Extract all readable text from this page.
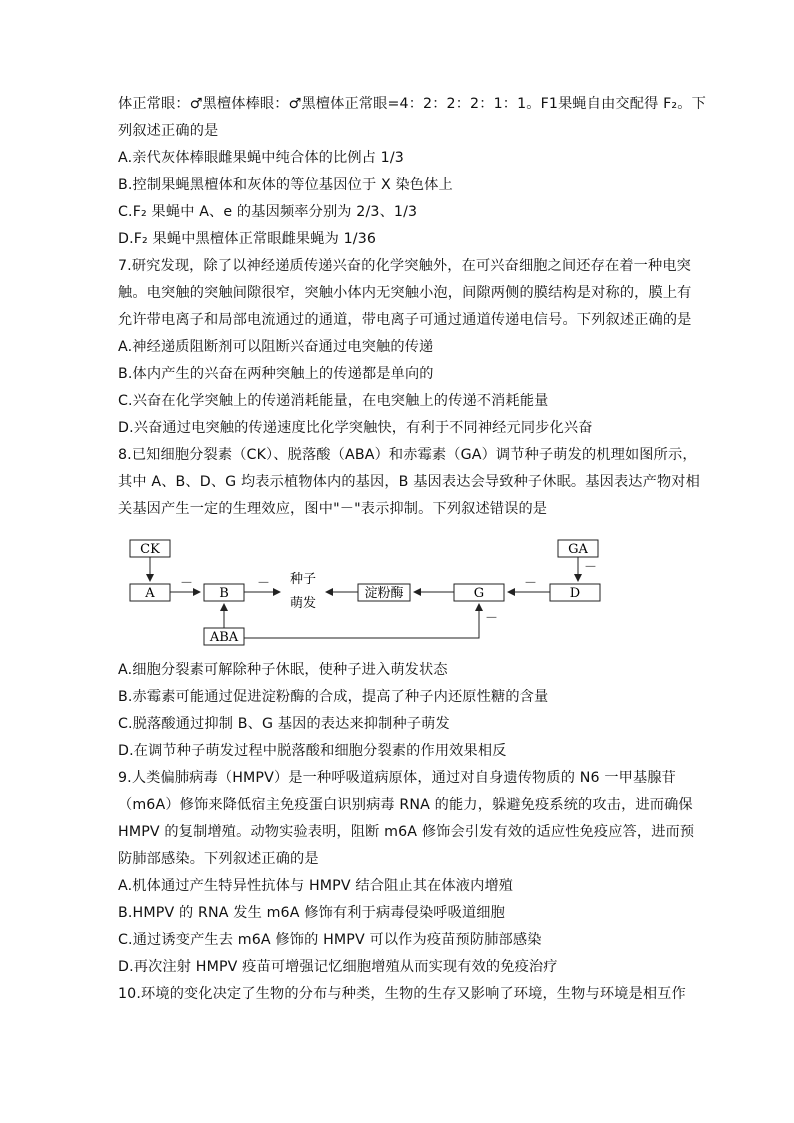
体正常眼：♂黑檀体棒眼：♂黑檀体正常眼=4：2：2：2：1：1。F1果蝇自由交配得 F₂。下
列叙述正确的是
A.亲代灰体棒眼雌果蝇中纯合体的比例占 1/3
B.控制果蝇黑檀体和灰体的等位基因位于 X 染色体上
C.F₂ 果蝇中 A、e 的基因频率分别为 2/3、1/3
D.F₂ 果蝇中黑檀体正常眼雌果蝇为 1/36
7.研究发现，除了以神经递质传递兴奋的化学突触外，在可兴奋细胞之间还存在着一种电突
触。电突触的突触间隙很窄，突触小体内无突触小泡，间隙两侧的膜结构是对称的，膜上有
允许带电离子和局部电流通过的通道，带电离子可通过通道传递电信号。下列叙述正确的是
A.神经递质阻断剂可以阻断兴奋通过电突触的传递
B.体内产生的兴奋在两种突触上的传递都是单向的
C.兴奋在化学突触上的传递消耗能量，在电突触上的传递不消耗能量
D.兴奋通过电突触的传递速度比化学突触快，有利于不同神经元同步化兴奋
8.已知细胞分裂素（CK）、脱落酸（ABA）和赤霉素（GA）调节种子萌发的机理如图所示，
其中 A、B、D、G 均表示植物体内的基因，B 基因表达会导致种子休眠。基因表达产物对相
关基因产生一定的生理效应，图中"－"表示抑制。下列叙述错误的是
CK
A
－
B
－ 种子
萌发
淀粉酶	G
－
D
GA
－
ABA
－
A.细胞分裂素可解除种子休眠，使种子进入萌发状态
B.赤霉素可能通过促进淀粉酶的合成，提高了种子内还原性糖的含量
C.脱落酸通过抑制 B、G 基因的表达来抑制种子萌发
D.在调节种子萌发过程中脱落酸和细胞分裂素的作用效果相反
9.人类偏肺病毒（HMPV）是一种呼吸道病原体，通过对自身遗传物质的 N6 一甲基腺苷
（m6A）修饰来降低宿主免疫蛋白识别病毒 RNA 的能力，躲避免疫系统的攻击，进而确保
HMPV 的复制增殖。动物实验表明，阻断 m6A 修饰会引发有效的适应性免疫应答，进而预
防肺部感染。下列叙述正确的是
A.机体通过产生特异性抗体与 HMPV 结合阻止其在体液内增殖
B.HMPV 的 RNA 发生 m6A 修饰有利于病毒侵染呼吸道细胞
C.通过诱变产生去 m6A 修饰的 HMPV 可以作为疫苗预防肺部感染
D.再次注射 HMPV 疫苗可增强记忆细胞增殖从而实现有效的免疫治疗
10.环境的变化决定了生物的分布与种类，生物的生存又影响了环境，生物与环境是相互作
